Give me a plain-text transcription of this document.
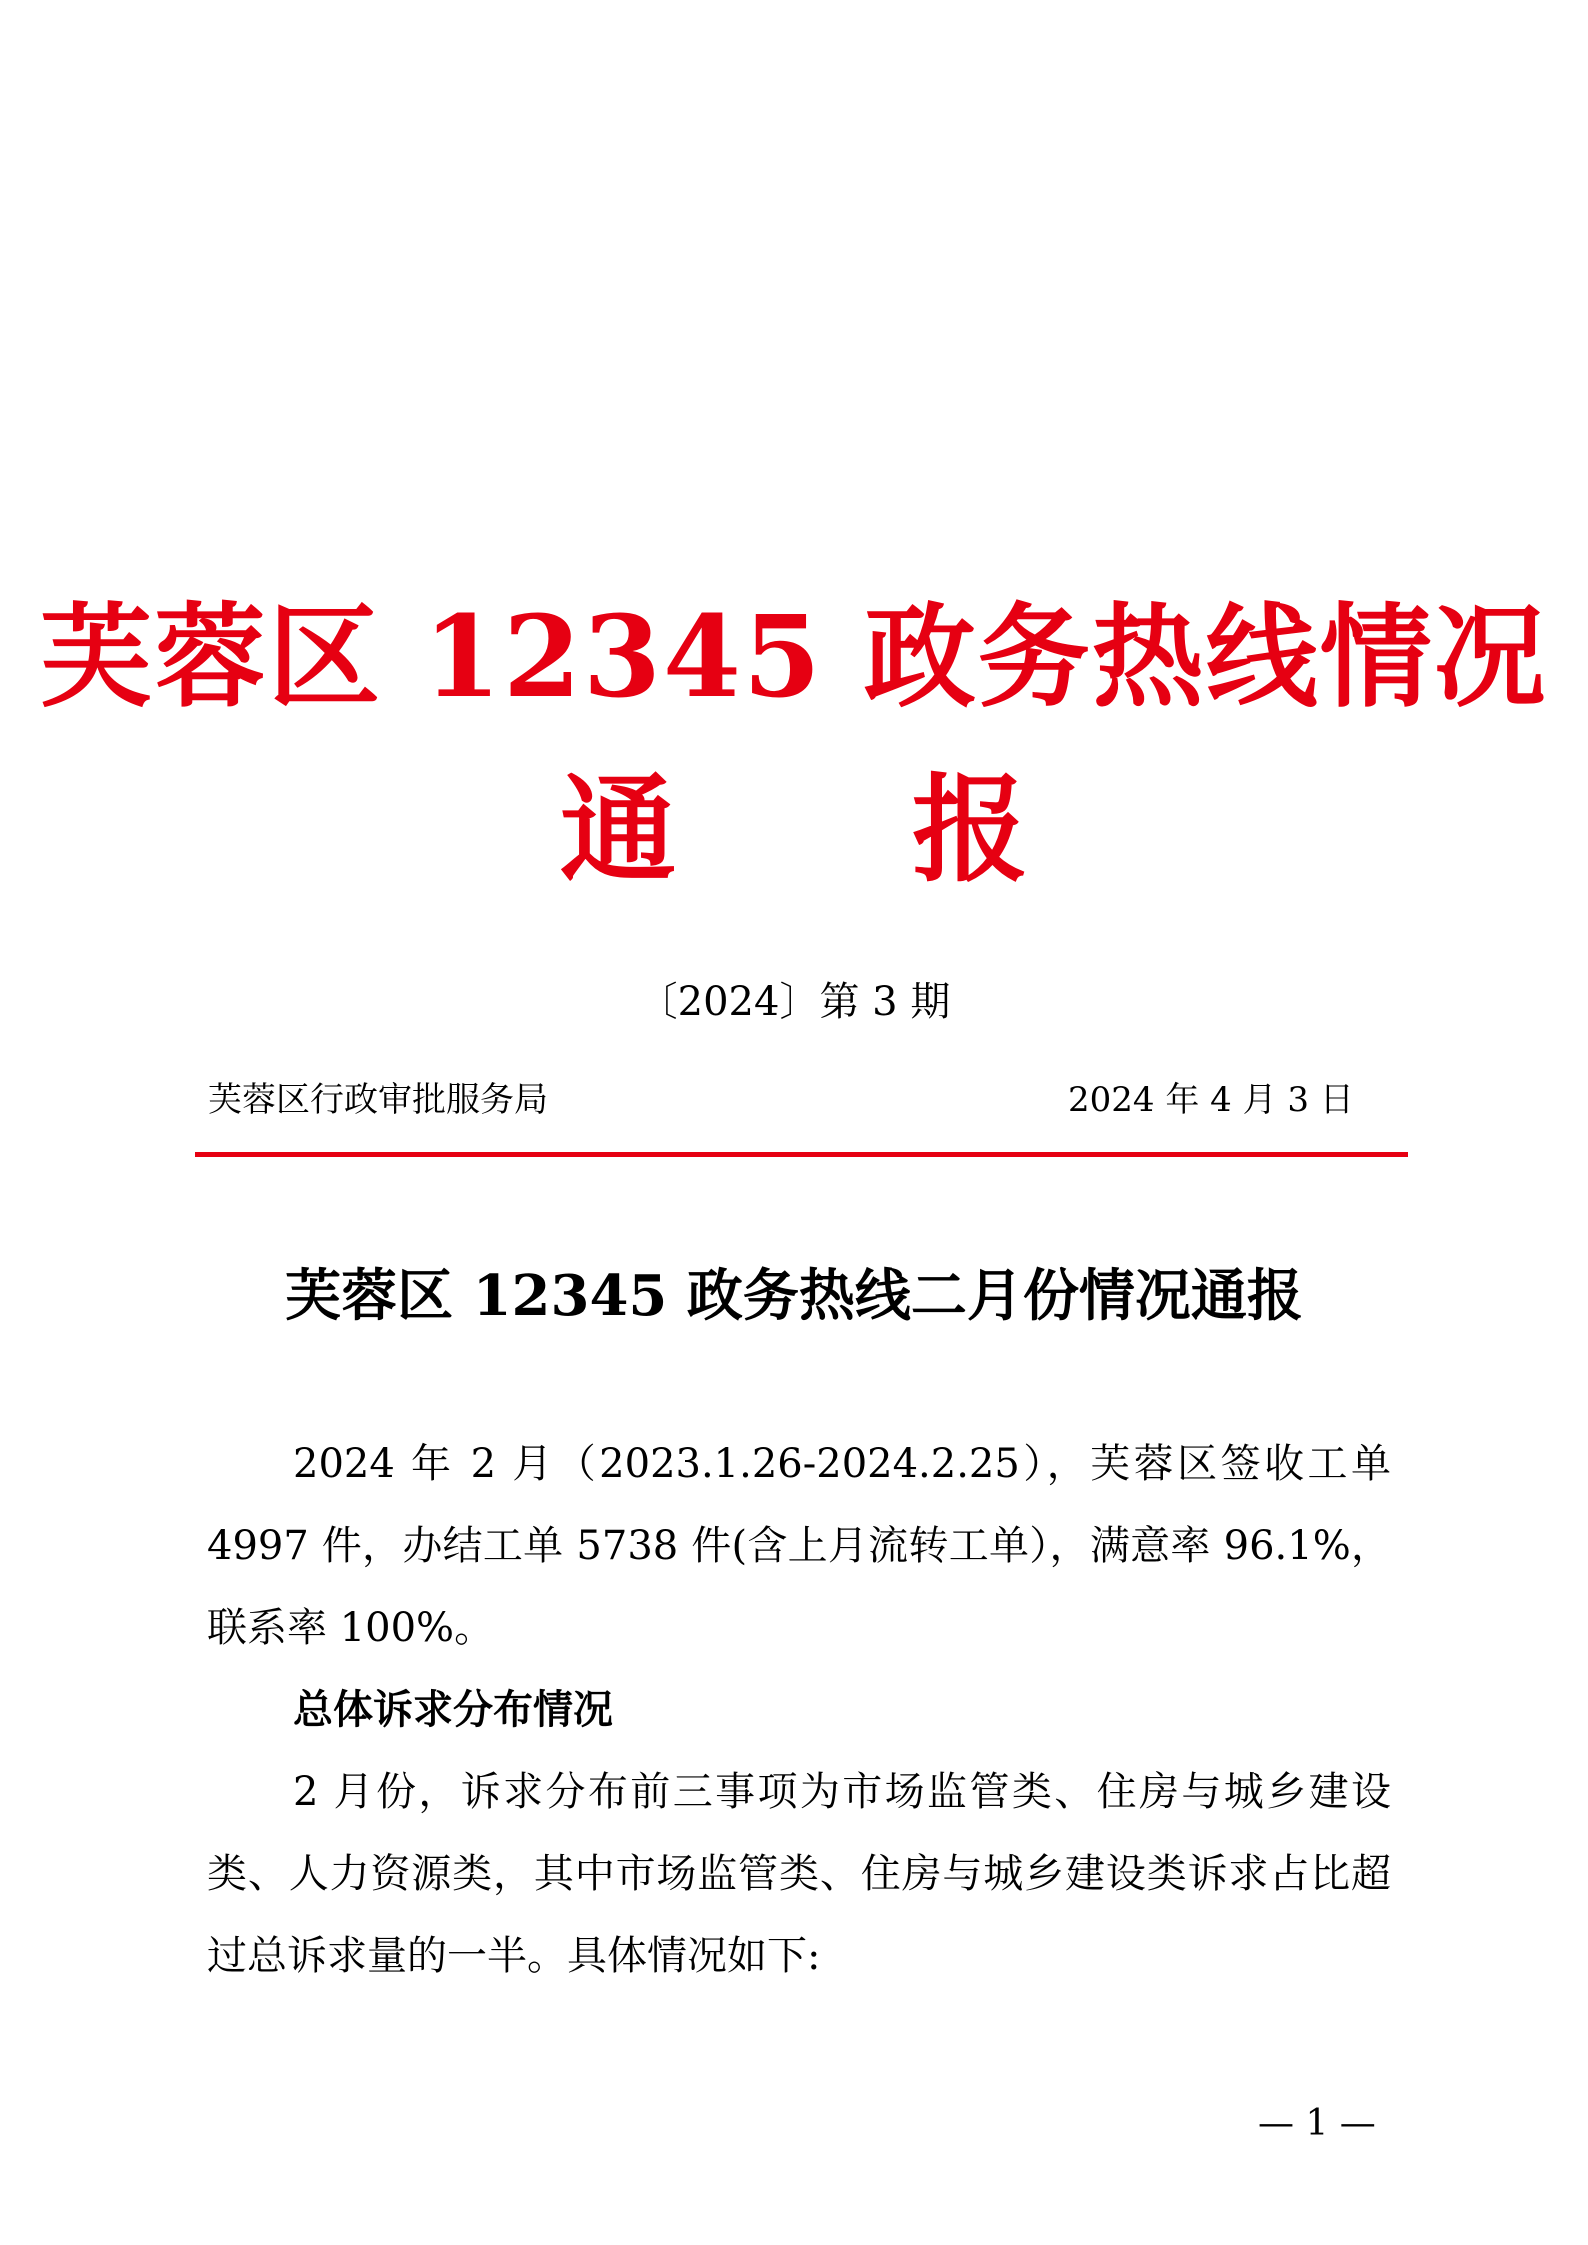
芙蓉区 12345 政务热线情况
通 报
〔2024〕第 3 期
芙蓉区行政审批服务局	2024 年 4 月 3 日
芙蓉区 12345 政务热线二月份情况通报

2024 年 2 月（2023.1.26-2024.2.25），芙蓉区签收工单 4997 件，办结工单 5738 件(含上月流转工单），满意率 96.1%，联系率 100%。

总体诉求分布情况

2 月份，诉求分布前三事项为市场监管类、住房与城乡建设类、人力资源类，其中市场监管类、住房与城乡建设类诉求占比超过总诉求量的一半。具体情况如下:

— 1 —
